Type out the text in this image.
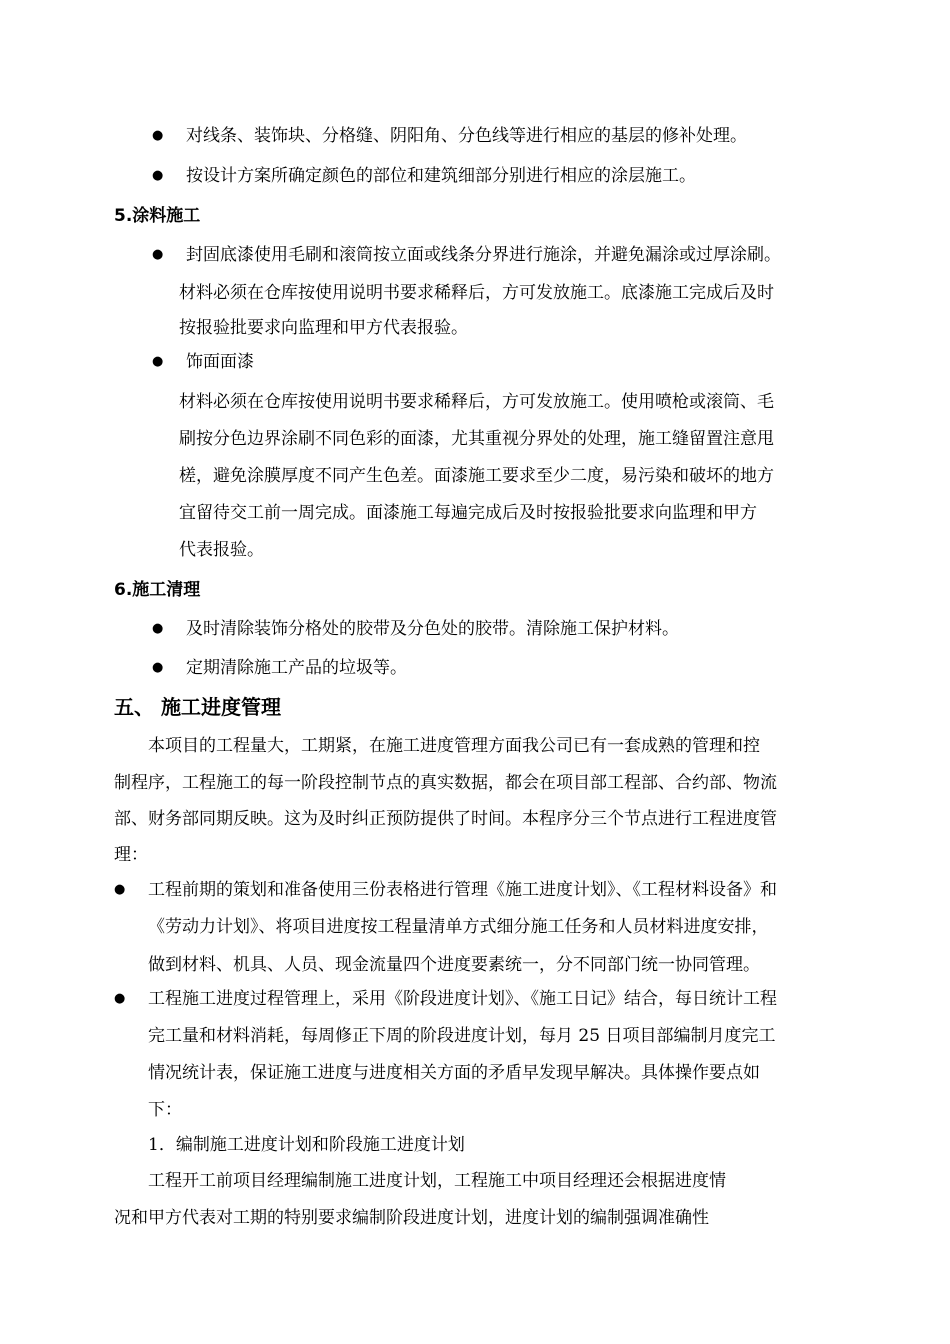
● 对线条、装饰块、分格缝、阴阳角、分色线等进行相应的基层的修补处理。
● 按设计方案所确定颜色的部位和建筑细部分别进行相应的涂层施工。
5.涂料施工
● 封固底漆使用毛刷和滚筒按立面或线条分界进行施涂，并避免漏涂或过厚涂刷。
材料必须在仓库按使用说明书要求稀释后，方可发放施工。底漆施工完成后及时
按报验批要求向监理和甲方代表报验。
● 饰面面漆
材料必须在仓库按使用说明书要求稀释后，方可发放施工。使用喷枪或滚筒、毛
刷按分色边界涂刷不同色彩的面漆，尤其重视分界处的处理，施工缝留置注意甩
槎，避免涂膜厚度不同产生色差。面漆施工要求至少二度，易污染和破坏的地方
宜留待交工前一周完成。面漆施工每遍完成后及时按报验批要求向监理和甲方
代表报验。
6.施工清理
● 及时清除装饰分格处的胶带及分色处的胶带。清除施工保护材料。
● 定期清除施工产品的垃圾等。
五、 施工进度管理
本项目的工程量大，工期紧，在施工进度管理方面我公司已有一套成熟的管理和控
制程序，工程施工的每一阶段控制节点的真实数据，都会在项目部工程部、合约部、物流
部、财务部同期反映。这为及时纠正预防提供了时间。本程序分三个节点进行工程进度管
理：
● 工程前期的策划和准备使用三份表格进行管理《施工进度计划》、《工程材料设备》和
《劳动力计划》、将项目进度按工程量清单方式细分施工任务和人员材料进度安排，
做到材料、机具、人员、现金流量四个进度要素统一，分不同部门统一协同管理。
● 工程施工进度过程管理上，采用《阶段进度计划》、《施工日记》结合，每日统计工程
完工量和材料消耗，每周修正下周的阶段进度计划，每月 25 日项目部编制月度完工
情况统计表，保证施工进度与进度相关方面的矛盾早发现早解决。具体操作要点如
下：
1．编制施工进度计划和阶段施工进度计划
工程开工前项目经理编制施工进度计划，工程施工中项目经理还会根据进度情
况和甲方代表对工期的特别要求编制阶段进度计划，进度计划的编制强调准确性
